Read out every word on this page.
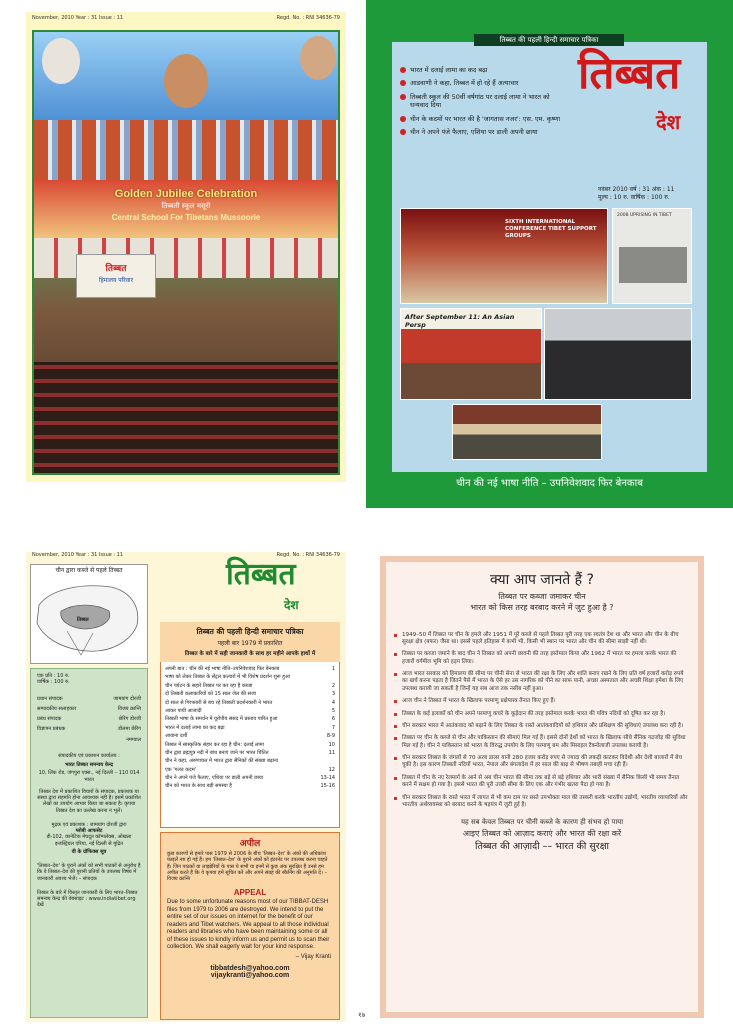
November, 2010 Year : 31 Issue : 11	Regd. No. : RNI 34636-79
Golden Jubilee Celebration
तिब्बती स्कूल मसूरी
Central School For Tibetans Mussoorie
तिब्बत
हिमालय परिवार
तिब्बत की पहली हिन्दी समाचार पत्रिका
भारत में दलाई लामा का कद बढ़ा
आडवाणी ने कहा, तिब्बत में हो रहे हैं अत्याचार
तिब्बती स्कूल की 50वीं वर्षगांठ पर दलाई लामा ने भारत को धन्यवाद दिया
चीन के कदमों पर भारत की है 'जागतास नजर': एस. एम. कृष्णा
चीन ने अपने पंजे फैलाए, एशिया पर डाली अपनी छाया
तिब्बत
देश
नवंबर 2010 वर्ष : 31 अंक : 11
मूल्य : 10 रु. वार्षिक : 100 रु.
SIXTH INTERNATIONAL CONFERENCE TIBET SUPPORT GROUPS
2008 UPRISING IN TIBET
After September 11: An Asian Persp
चीन की नई भाषा नीति – उपनिवेशवाद फिर बेनकाब
November, 2010 Year : 31 Issue : 11	Regd. No. : RNI 34636-79
चीन द्वारा कब्जे से पहले तिब्बत
तिब्बत
एक प्रति : 10 रु.
वार्षिक : 100 रु.
प्रधान संपादक	जामयांग दोरजी
सम्पादकीय सलाहकार	विजय क्रान्ति
प्रबंध संपादक	छेरिंग डोरजी
विज्ञापन प्रबंधक	डोलमा छेरिंग
नमग्याल
संपादकीय एवं प्रकाशन कार्यालय :
भारत तिब्बत समन्वय केन्द्र
10, लिंक रोड, जंगपुरा एक्स., नई दिल्ली – 110 014 भारत
तिब्बत देश में प्रकाशित विचारों के संपादक, प्रकाशक या संस्था द्वारा सहमति होना आवश्यक नहीं है। इसमें प्रकाशित लेखों का उपयोग आभार किया जा सकता है। कृपया तिब्बत देश का उल्लेख करना न भूलें।
मुद्रक एवं प्रकाशक : जामयांग दोरजी द्वारा
ग्लोबी आफसेट
डी-102, कानेटिक मेघदूत कॉम्पलेक्स, ओखला इन्डस्ट्रियल एरिया, नई दिल्ली से मुद्रित
वी के ग्रॉफिक्स सूत्र
'तिब्बत–देश' के पुराने अंकों को सभी पाठकों से अनुरोध है कि वे तिब्बत–देश की पुरानी प्रतियों के उपलब्ध विषय में जानकारी अवश्य भेजें। – संपादक
तिब्बत के बारे में विस्तृत जानकारी के लिए भारत–तिब्बत समन्वय केन्द्र की वेबसाइट : www.indiatibet.org देखें
तिब्बत
देश
अपनी बात : चीन की नई भाषा नीति–उपनिवेशवाद फिर बेनकाब	1
भाषा को लेकर तिब्बत के सेंट्रल कल्चरों में भी विशेष प्रदर्शन शुरू हुआ
चीन पर्यटन के सहारे तिब्बत पर कर रहा है कब्जा	2
दो तिब्बती कलाकारियों को 15 साल जेल की सजा	3
दो साल से गिरफ्तारी से बच रहे तिब्बती प्रदर्शनकारी ने भारत	4
आकर पायी आजादी	5
तिब्बती भाषा के समर्थन में यूरोपीय संसद में प्रस्ताव पारित हुआ	6
भारत में दलाई लामा का कद बढ़ा	7
आयाना दर्शी	8-9
तिब्बत में सांस्कृतिक संहार कर रहा है चीन: दलाई लामा	10
चीन द्वारा ब्रह्मपुत्र नदी में बांध बनाए जाने पर भारत चिंतित	11
चीन ने कहा, अरुणाचल में भारत द्वारा सैनिकों की संख्या बढ़ाना
एक 'गलत कदम'	12
चीन ने अपने पंजे फैलाए, एशिया पर डाली अपनी छाया	13-14
चीन को भारत के साथ बड़ी समस्या है	15-16
तिब्बत की पहली हिन्दी समाचार पत्रिका
पहली बार 1979 में प्रकाशित
तिब्बत के बारे में सही जानकारी के साथ हर महीने आपके हाथों में
अपील
कुछ कारणों से हमारे पास 1979 से 2006 के बीच 'तिब्बत–देश' के अंकों की अधिकांश फाइलें नष्ट हो गई हैं। हम 'तिब्बत–देश' के पुराने अंकों को इंटरनेट पर उपलब्ध करना चाहते हैं। जिन पाठकों या लाइब्रेरियों के पास ये सभी या इनमें से कुछ अंक सुरक्षित हैं उनसे हम अपील करते हैं कि वे कृपया हमें सूचित करें और अपने संग्रह की स्कैनिंग की अनुमति दें। – विजय क्रान्ति
APPEAL
Due to some unfortunate reasons most of our TIBBAT-DESH files from 1979 to 2006 are destroyed. We intend to put the entire set of our issues on internet for the benefit of our readers and Tibet watchers. We appeal to all those individual readers and libraries who have been maintaining some or all of these issues to kindly inform us and permit us to scan their collection. We shall eagerly wait for your kind response.
– Vijay Kranti
tibbatdesh@yahoo.com
vijaykranti@yahoo.com
क्या आप जानते हैं ?
तिब्बत पर कब्जा जमाकर चीन
भारत को किस तरह बरबाद करने में जुट हुआ है ?
1949–50 में तिब्बत पर चीन के हमले और 1951 में पूरे कब्जे से पहले तिब्बत पूरी तरह एक स्वतंत्र देश था और भारत और चीन के बीच सुरक्षा क्षेत्र (बफर) जैसा था। इससे पहले इतिहास में कभी भी, किसी भी स्थान पर भारत और चीन की सीमा साझी नहीं थी।
तिब्बत पर कब्जा जमाने के बाद चीन ने तिब्बत को अपनी छावनी की तरह इस्तेमाल किया और 1962 में भारत पर हमला करके भारत की हजारों वर्गमील भूमि को हड़प लिया।
आज भारत सरकार को हिमालय की सीमा पर चीनी सेना से भारत की रक्षा के लिए और शांति बनाए रखने के लिए प्रति वर्ष हजारों करोड़ रुपये का खर्च करना पड़ता है जितने पैसे में भारत के ऐसे हर उस नागरिक को पीने का साफ पानी, अच्छा अस्पताल और अच्छी शिक्षा हमेशा के लिए उपलब्ध करायी जा सकती है जिन्हें यह सब आज तक नसीब नहीं हुआ।
आज चीन ने तिब्बत में भारत के खिलाफ परमाणु प्रक्षेपास्त्र तैनात किए हुए हैं।
तिब्बत के कई इलाकों को चीन अपने परमाणु कचरे के कूड़ेदान की तरह इस्तेमाल करके भारत की पवित्र नदियों को दूषित कर रहा है।
चीन सरकार भारत में आतंकवाद को बढ़ाने के लिए तिब्बत के रास्ते आतंकवादियों को हथियार और प्रशिक्षण की सुविधाएं उपलब्ध करा रही है।
तिब्बत पर चीन के कब्जे से चीन और पाकिस्तान की सीमाएं मिल गई हैं। इससे दोनों देशों को भारत के खिलाफ सीधे सैनिक गठजोड़ की सुविधा मिल गई है। चीन ने पाकिस्तान को भारत के विरुद्ध उपयोग के लिए परमाणु बम और मिसाइल टैक्नोलाजी उपलब्ध करायी है।
चीन सरकार तिब्बत के जंगलों से 70 अरब डालर यानी 280 हजार करोड़ रुपए से ज्यादा की लकड़ी काटकर विदेशी और देशी बाजारों में बेच चुकी है। इस कारण तिब्बती नदियों भारत, नेपाल और बंगलादेश में हर साल की बाढ़ से भीषण तबाही मचा रही हैं।
तिब्बत में चीन के नए रेलमार्ग के आने से अब चीन भारत की सीमा तक बड़े से बड़े हथियार और भारी संख्या में सैनिक किसी भी समय तैनात करने में सक्षम हो गया है। इससे भारत की पूरी उत्तरी सीमा के लिए एक और गंभीर खतरा पैदा हो गया है।
चीन सरकार तिब्बत के रास्ते भारत में लागत से भी कम दाम पर सस्ते उपभोक्ता माल की तस्करी करके भारतीय उद्योगों, भारतीय व्यापारियों और भारतीय अर्थव्यवस्था को बरबाद करने के षड़यंत्र में जुटी हुई है।
यह सब केवल तिब्बत पर चीनी कब्जे के कारण ही संभव हो पाया
आइए तिब्बत को आज़ाद कराएं और भारत की रक्षा करें
तिब्बत की आज़ादी –– भारत की सुरक्षा
१७
